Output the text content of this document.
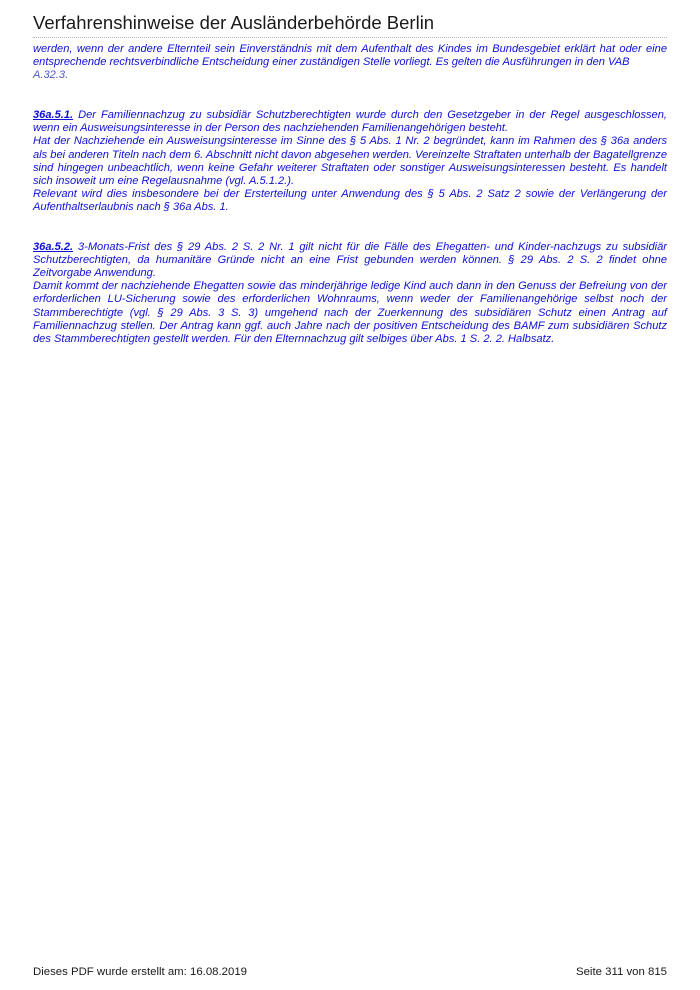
Verfahrenshinweise der Ausländerbehörde Berlin

werden, wenn der andere Elternteil sein Einverständnis mit dem Aufenthalt des Kindes im Bundesgebiet erklärt hat oder eine entsprechende rechtsverbindliche Entscheidung einer zuständigen Stelle vorliegt. Es gelten die Ausführungen in den VAB
A.32.3.

36a.5.1. Der Familiennachzug zu subsidiär Schutzberechtigten wurde durch den Gesetzgeber in der Regel ausgeschlossen, wenn ein Ausweisungsinteresse in der Person des nachziehenden Familienangehörigen besteht.

Hat der Nachziehende ein Ausweisungsinteresse im Sinne des § 5 Abs. 1 Nr. 2 begründet, kann im Rahmen des § 36a anders als bei anderen Titeln nach dem 6. Abschnitt nicht davon abgesehen werden. Vereinzelte Straftaten unterhalb der Bagatellgrenze sind hingegen unbeachtlich, wenn keine Gefahr weiterer Straftaten oder sonstiger Ausweisungsinteressen besteht. Es handelt sich insoweit um eine Regelausnahme (vgl. A.5.1.2.).

Relevant wird dies insbesondere bei der Ersterteilung unter Anwendung des § 5 Abs. 2 Satz 2 sowie der Verlängerung der Aufenthaltserlaubnis nach § 36a Abs. 1.

36a.5.2. 3-Monats-Frist des § 29 Abs. 2 S. 2 Nr. 1 gilt nicht für die Fälle des Ehegatten- und Kinder-nachzugs zu subsidiär Schutzberechtigten, da humanitäre Gründe nicht an eine Frist gebunden werden können. § 29 Abs. 2 S. 2 findet ohne Zeitvorgabe Anwendung.

Damit kommt der nachziehende Ehegatten sowie das minderjährige ledige Kind auch dann in den Genuss der Befreiung von der erforderlichen LU-Sicherung sowie des erforderlichen Wohnraums, wenn weder der Familienangehörige selbst noch der Stammberechtigte (vgl. § 29 Abs. 3 S. 3) umgehend nach der Zuerkennung des subsidiären Schutz einen Antrag auf Familiennachzug stellen. Der Antrag kann ggf. auch Jahre nach der positiven Entscheidung des BAMF zum subsidiären Schutz des Stammberechtigten gestellt werden. Für den Elternnachzug gilt selbiges über Abs. 1 S. 2. 2. Halbsatz.

Dieses PDF wurde erstellt am: 16.08.2019	Seite 311 von 815
